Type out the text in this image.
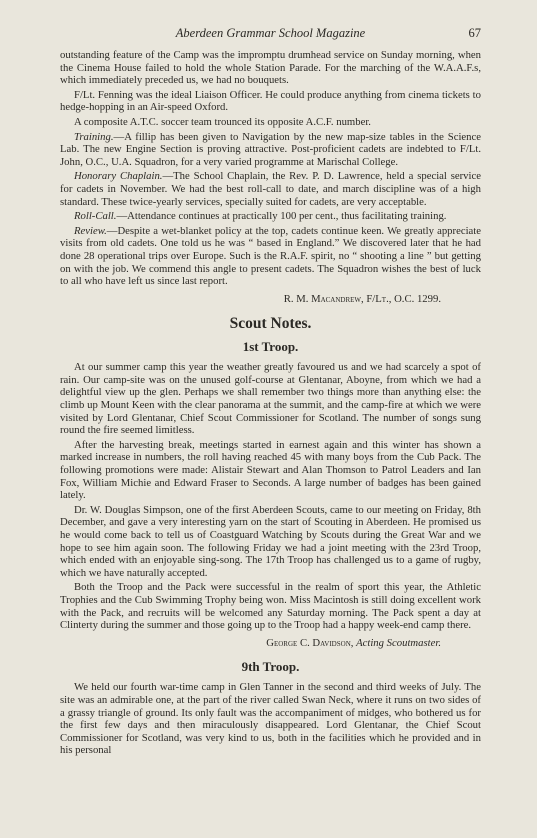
Aberdeen Grammar School Magazine	67

outstanding feature of the Camp was the impromptu drumhead service on Sunday morning, when the Cinema House failed to hold the whole Station Parade. For the marching of the W.A.A.F.s, which immediately preceded us, we had no bouquets.

F/Lt. Fenning was the ideal Liaison Officer. He could produce anything from cinema tickets to hedge-hopping in an Air-speed Oxford.

A composite A.T.C. soccer team trounced its opposite A.C.F. number.

Training.—A fillip has been given to Navigation by the new map-size tables in the Science Lab. The new Engine Section is proving attractive. Post-proficient cadets are indebted to F/Lt. John, O.C., U.A. Squadron, for a very varied programme at Marischal College.

Honorary Chaplain.—The School Chaplain, the Rev. P. D. Lawrence, held a special service for cadets in November. We had the best roll-call to date, and march discipline was of a high standard. These twice-yearly services, specially suited for cadets, are very acceptable.

Roll-Call.—Attendance continues at practically 100 per cent., thus facilitating training.

Review.—Despite a wet-blanket policy at the top, cadets continue keen. We greatly appreciate visits from old cadets. One told us he was “ based in England.” We discovered later that he had done 28 operational trips over Europe. Such is the R.A.F. spirit, no “ shooting a line ” but getting on with the job. We commend this angle to present cadets. The Squadron wishes the best of luck to all who have left us since last report.

R. M. Macandrew, F/Lt., O.C. 1299.
Scout Notes.
1st Troop.

At our summer camp this year the weather greatly favoured us and we had scarcely a spot of rain. Our camp-site was on the unused golf-course at Glentanar, Aboyne, from which we had a delightful view up the glen. Perhaps we shall remember two things more than anything else: the climb up Mount Keen with the clear panorama at the summit, and the camp-fire at which we were visited by Lord Glentanar, Chief Scout Commissioner for Scotland. The number of songs sung round the fire seemed limitless.

After the harvesting break, meetings started in earnest again and this winter has shown a marked increase in numbers, the roll having reached 45 with many boys from the Cub Pack. The following promotions were made: Alistair Stewart and Alan Thomson to Patrol Leaders and Ian Fox, William Michie and Edward Fraser to Seconds. A large number of badges has been gained lately.

Dr. W. Douglas Simpson, one of the first Aberdeen Scouts, came to our meeting on Friday, 8th December, and gave a very interesting yarn on the start of Scouting in Aberdeen. He promised us he would come back to tell us of Coastguard Watching by Scouts during the Great War and we hope to see him again soon. The following Friday we had a joint meeting with the 23rd Troop, which ended with an enjoyable sing-song. The 17th Troop has challenged us to a game of rugby, which we have naturally accepted.

Both the Troop and the Pack were successful in the realm of sport this year, the Athletic Trophies and the Cub Swimming Trophy being won. Miss Macintosh is still doing excellent work with the Pack, and recruits will be welcomed any Saturday morning. The Pack spent a day at Clinterty during the summer and those going up to the Troop had a happy week-end camp there.

George C. Davidson, Acting Scoutmaster.
9th Troop.

We held our fourth war-time camp in Glen Tanner in the second and third weeks of July. The site was an admirable one, at the part of the river called Swan Neck, where it runs on two sides of a grassy triangle of ground. Its only fault was the accompaniment of midges, who bothered us for the first few days and then miraculously disappeared. Lord Glentanar, the Chief Scout Commissioner for Scotland, was very kind to us, both in the facilities which he provided and in his personal
